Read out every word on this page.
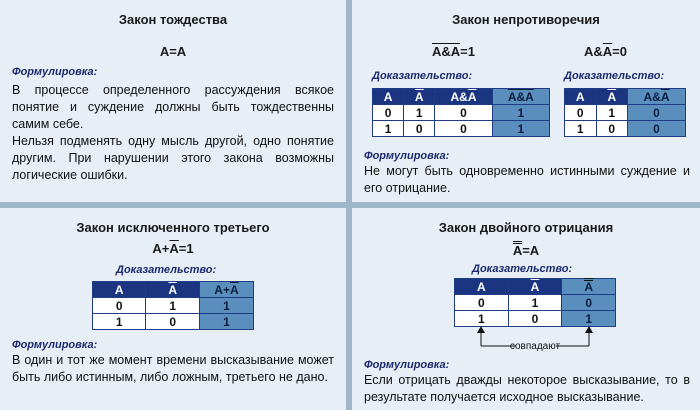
Закон тождества
А=А
Формулировка:
В процессе определенного рассуждения всякое понятие и суждение должны быть тождественны самим себе.
Нельзя подменять одну мысль другой, одно понятие другим. При нарушении этого закона возможны логические ошибки.
Закон непротиворечия
А&А=1	А&А=0
Доказательство:	Доказательство:
А	А	А&А	А&А
0	1	0	1
1	0	0	1
А	А	А&А
0	1	0
1	0	0
Формулировка:
Не могут быть одновременно истинными суждение и его отрицание.
Закон исключенного третьего
А+А=1
Доказательство:
А	А	А+А
0	1	1
1	0	1
Формулировка:
В один и тот же момент времени высказывание может быть либо истинным, либо ложным, третьего не дано.
Закон двойного отрицания
А=А
Доказательство:
А	А	А
0	1	0
1	0	1
совпадают
Формулировка:
Если отрицать дважды некоторое высказывание, то в результате получается исходное высказывание.
